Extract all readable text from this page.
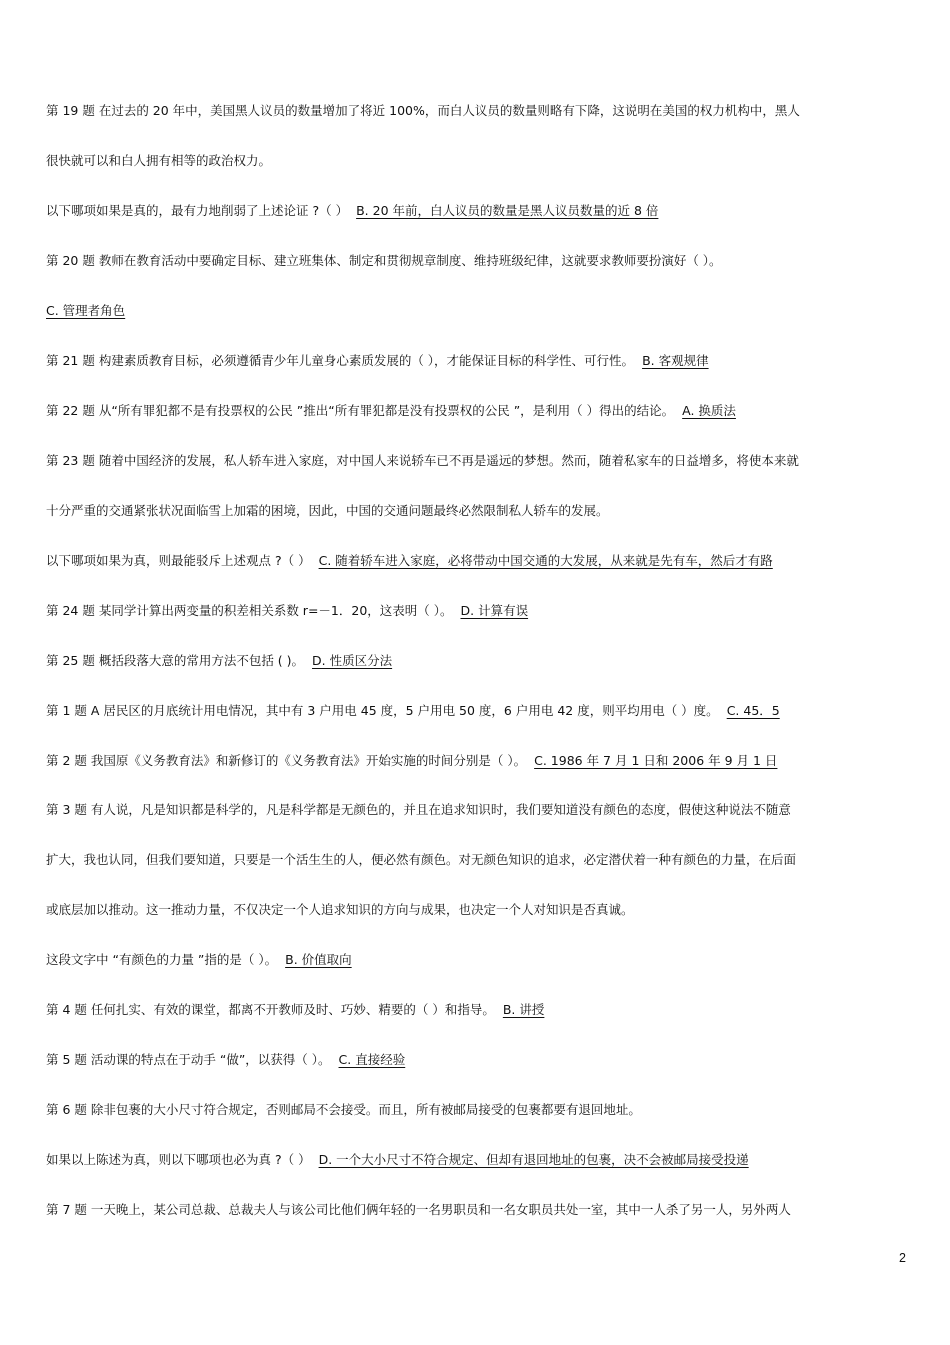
第 19 题 在过去的 20 年中，美国黑人议员的数量增加了将近 100%，而白人议员的数量则略有下降，这说明在美国的权力机构中，黑人
很快就可以和白人拥有相等的政治权力。
以下哪项如果是真的，最有力地削弱了上述论证 ?（ ） B. 20 年前，白人议员的数量是黑人议员数量的近 8 倍
第 20 题 教师在教育活动中要确定目标、建立班集体、制定和贯彻规章制度、维持班级纪律，这就要求教师要扮演好（ ）。
C. 管理者角色
第 21 题 构建素质教育目标，必须遵循青少年儿童身心素质发展的（ ），才能保证目标的科学性、可行性。 B. 客观规律
第 22 题 从“所有罪犯都不是有投票权的公民 ”推出“所有罪犯都是没有投票权的公民 ”，是利用（ ）得出的结论。 A. 换质法
第 23 题 随着中国经济的发展，私人轿车进入家庭，对中国人来说轿车已不再是遥远的梦想。然而，随着私家车的日益增多，将使本来就
十分严重的交通紧张状况面临雪上加霜的困境，因此，中国的交通问题最终必然限制私人轿车的发展。
以下哪项如果为真，则最能驳斥上述观点 ?（ ） C. 随着轿车进入家庭，必将带动中国交通的大发展，从来就是先有车，然后才有路
第 24 题 某同学计算出两变量的积差相关系数 r=－1．20，这表明（ ）。 D. 计算有误
第 25 题 概括段落大意的常用方法不包括 ( )。 D. 性质区分法
第 1 题 A 居民区的月底统计用电情况，其中有 3 户用电 45 度，5 户用电 50 度，6 户用电 42 度，则平均用电（ ）度。 C. 45．5
第 2 题 我国原《义务教育法》和新修订的《义务教育法》开始实施的时间分别是（ ）。 C. 1986 年 7 月 1 日和 2006 年 9 月 1 日
第 3 题 有人说，凡是知识都是科学的，凡是科学都是无颜色的，并且在追求知识时，我们要知道没有颜色的态度，假使这种说法不随意
扩大，我也认同，但我们要知道，只要是一个活生生的人，便必然有颜色。对无颜色知识的追求，必定潜伏着一种有颜色的力量，在后面
或底层加以推动。这一推动力量，不仅决定一个人追求知识的方向与成果，也决定一个人对知识是否真诚。
这段文字中 “有颜色的力量 ”指的是（ ）。 B. 价值取向
第 4 题 任何扎实、有效的课堂，都离不开教师及时、巧妙、精要的（ ）和指导。 B. 讲授
第 5 题 活动课的特点在于动手 “做”，以获得（ ）。 C. 直接经验
第 6 题 除非包裹的大小尺寸符合规定，否则邮局不会接受。而且，所有被邮局接受的包裹都要有退回地址。
如果以上陈述为真，则以下哪项也必为真 ?（ ） D. 一个大小尺寸不符合规定、但却有退回地址的包裹，决不会被邮局接受投递
第 7 题 一天晚上，某公司总裁、总裁夫人与该公司比他们俩年轻的一名男职员和一名女职员共处一室，其中一人杀了另一人，另外两人
2
